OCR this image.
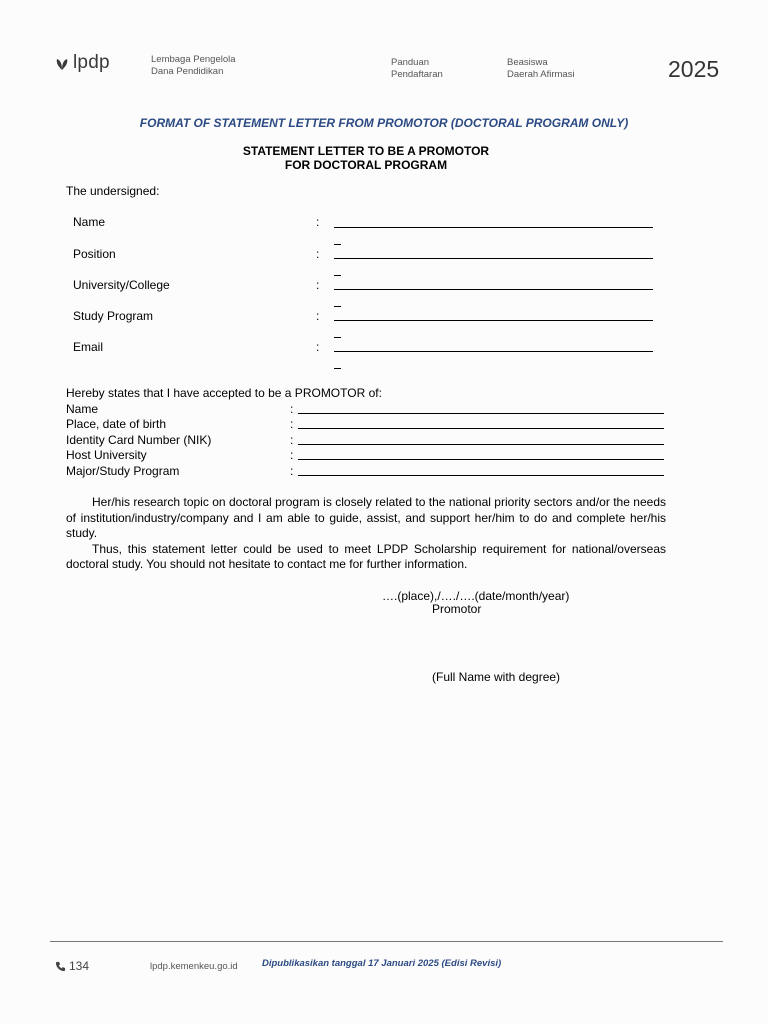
lpdp	Lembaga Pengelola
Dana Pendidikan
Panduan
Pendaftaran
Beasiswa
Daerah Afirmasi	2025
FORMAT OF STATEMENT LETTER FROM PROMOTOR (DOCTORAL PROGRAM ONLY)
STATEMENT LETTER TO BE A PROMOTOR
FOR DOCTORAL PROGRAM
The undersigned:
Name	:
Position	:
University/College	:
Study Program	:
Email	:
Hereby states that I have accepted to be a PROMOTOR of:
Name	:
Place, date of birth	:
Identity Card Number (NIK)	:
Host University	:
Major/Study Program	:

Her/his research topic on doctoral program is closely related to the national priority sectors and/or the needs of institution/industry/company and I am able to guide, assist, and support her/him to do and complete her/his study.

Thus, this statement letter could be used to meet LPDP Scholarship requirement for national/overseas doctoral study. You should not hesitate to contact me for further information.

….(place),/…./….(date/month/year)
Promotor
(Full Name with degree)
134	lpdp.kemenkeu.go.id	Dipublikasikan tanggal 17 Januari 2025 (Edisi Revisi)
